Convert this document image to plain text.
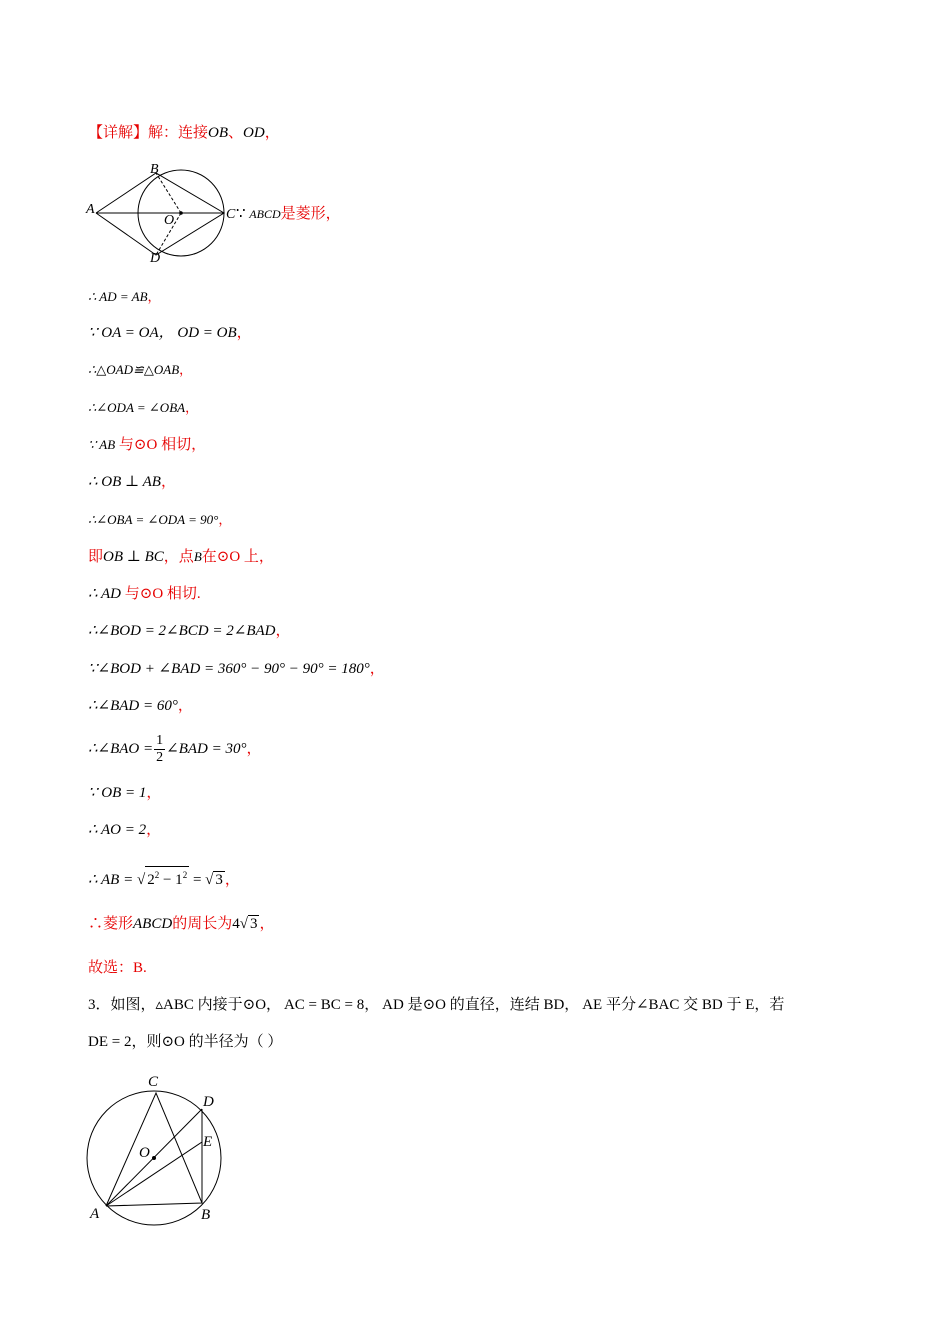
【详解】解：连接OB、OD，
A
B
C
D
O	∵ ABCD是菱形，
∴ AD = AB，
∵ OA = OA， OD = OB，
∴△OAD≌△OAB，
∴∠ODA = ∠OBA，
∵ AB 与⊙O 相切，
∴ OB ⊥ AB，
∴∠OBA = ∠ODA = 90°，
即OB ⊥ BC，点B在⊙O 上，
∴ AD 与⊙O 相切.
∴∠BOD = 2∠BCD = 2∠BAD，
∵∠BOD + ∠BAD = 360° − 90° − 90° = 180°，
∴∠BAD = 60°，
∴∠BAO = $\frac{1}{2}$ ∠BAD = 30°，
∵ OB = 1，
∴ AO = 2，
∴ AB = √ $2^2 - 1^2$ = √ 3 ，
∴菱形ABCD的周长为4√ 3 ，
故选：B.
3．如图，▵ABC 内接于⊙O， AC = BC = 8， AD 是⊙O 的直径，连结 BD， AE 平分∠BAC 交 BD 于 E，若
DE = 2，则⊙O 的半径为（ ）
A	B
C
D
E
O
